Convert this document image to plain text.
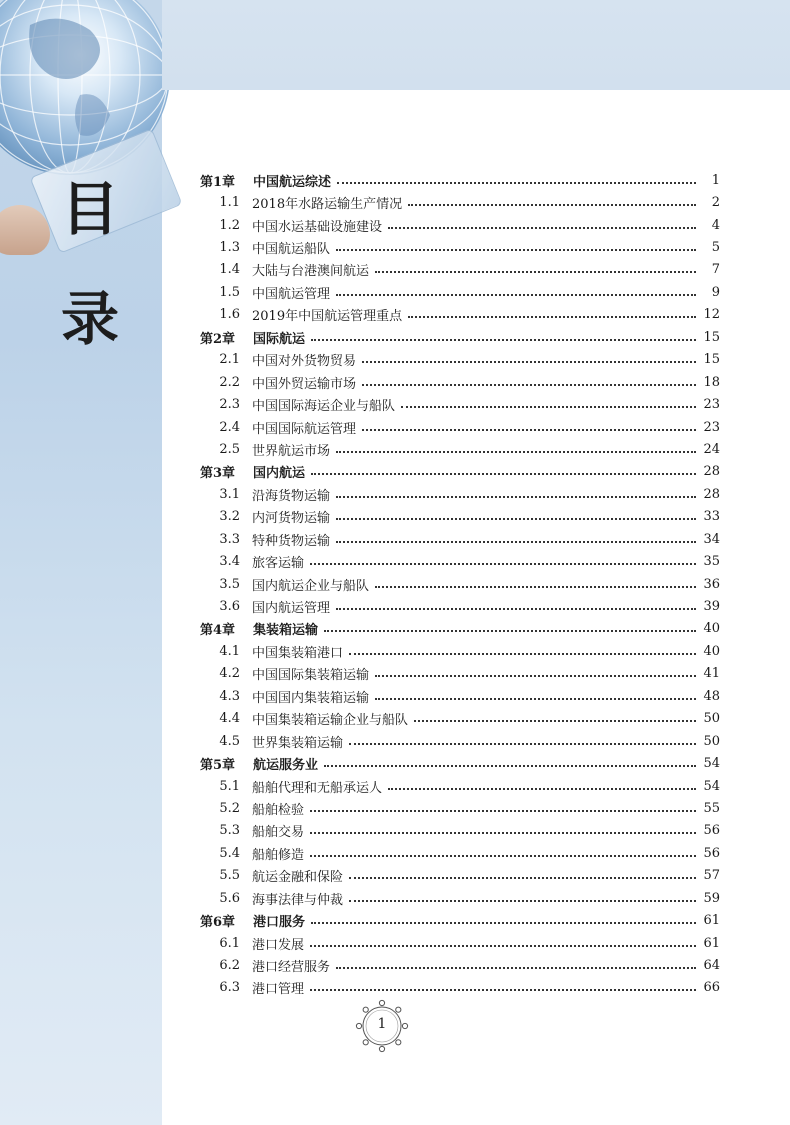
目
录
第1章 中国航运综述	1
1.1 2018年水路运输生产情况	2
1.2 中国水运基础设施建设	4
1.3 中国航运船队	5
1.4 大陆与台港澳间航运	7
1.5 中国航运管理	9
1.6 2019年中国航运管理重点	12
第2章 国际航运	15
2.1 中国对外货物贸易	15
2.2 中国外贸运输市场	18
2.3 中国国际海运企业与船队	23
2.4 中国国际航运管理	23
2.5 世界航运市场	24
第3章 国内航运	28
3.1 沿海货物运输	28
3.2 内河货物运输	33
3.3 特种货物运输	34
3.4 旅客运输	35
3.5 国内航运企业与船队	36
3.6 国内航运管理	39
第4章 集装箱运输	40
4.1 中国集装箱港口	40
4.2 中国国际集装箱运输	41
4.3 中国国内集装箱运输	48
4.4 中国集装箱运输企业与船队	50
4.5 世界集装箱运输	50
第5章 航运服务业	54
5.1 船舶代理和无船承运人	54
5.2 船舶检验	55
5.3 船舶交易	56
5.4 船舶修造	56
5.5 航运金融和保险	57
5.6 海事法律与仲裁	59
第6章 港口服务	61
6.1 港口发展	61
6.2 港口经营服务	64
6.3 港口管理	66
1
